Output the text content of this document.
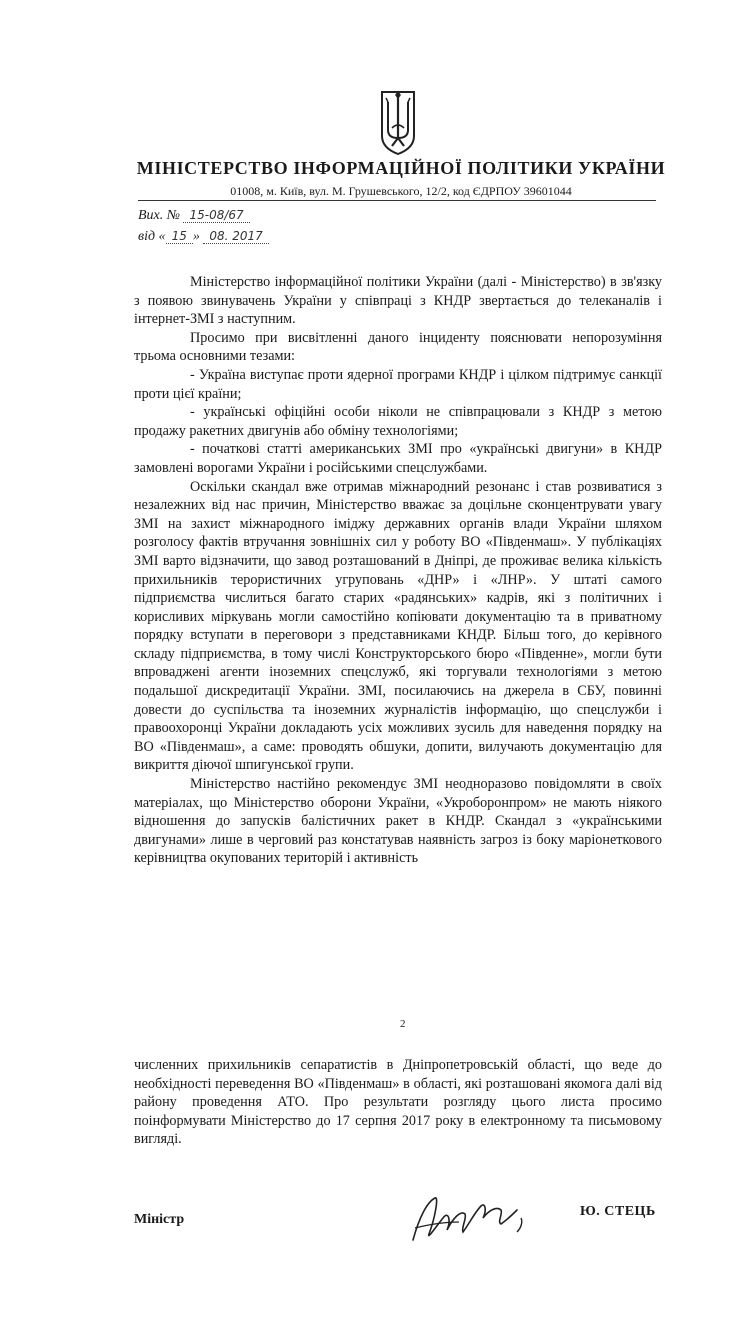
МІНІСТЕРСТВО ІНФОРМАЦІЙНОЇ ПОЛІТИКИ УКРАЇНИ
01008, м. Київ, вул. М. Грушевського, 12/2, код ЄДРПОУ 39601044
Вих. № 15-08/67
від « 15 » 08. 2017

Міністерство інформаційної політики України (далі - Міністерство) в зв'язку з появою звинувачень України у співпраці з КНДР звертається до телеканалів і інтернет-ЗМІ з наступним.

Просимо при висвітленні даного інциденту пояснювати непорозуміння трьома основними тезами:

- Україна виступає проти ядерної програми КНДР і цілком підтримує санкції проти цієї країни;

- українські офіційні особи ніколи не співпрацювали з КНДР з метою продажу ракетних двигунів або обміну технологіями;

- початкові статті американських ЗМІ про «українські двигуни» в КНДР замовлені ворогами України і російськими спецслужбами.

Оскільки скандал вже отримав міжнародний резонанс і став розвиватися з незалежних від нас причин, Міністерство вважає за доцільне сконцентрувати увагу ЗМІ на захист міжнародного іміджу державних органів влади України шляхом розголосу фактів втручання зовнішніх сил у роботу ВО «Південмаш». У публікаціях ЗМІ варто відзначити, що завод розташований в Дніпрі, де проживає велика кількість прихильників терористичних угруповань «ДНР» і «ЛНР». У штаті самого підприємства числиться багато старих «радянських» кадрів, які з політичних і корисливих міркувань могли самостійно копіювати документацію та в приватному порядку вступати в переговори з представниками КНДР. Більш того, до керівного складу підприємства, в тому числі Конструкторського бюро «Південне», могли бути впроваджені агенти іноземних спецслужб, які торгували технологіями з метою подальшої дискредитації України. ЗМІ, посилаючись на джерела в СБУ, повинні довести до суспільства та іноземних журналістів інформацію, що спецслужби і правоохоронці України докладають усіх можливих зусиль для наведення порядку на ВО «Південмаш», а саме: проводять обшуки, допити, вилучають документацію для викриття діючої шпигунської групи.

Міністерство настійно рекомендує ЗМІ неодноразово повідомляти в своїх матеріалах, що Міністерство оборони України, «Укроборонпром» не мають ніякого відношення до запусків балістичних ракет в КНДР. Скандал з «українськими двигунами» лише в черговий раз констатував наявність загроз із боку маріонеткового керівництва окупованих територій і активність

2

численних прихильників сепаратистів в Дніпропетровській області, що веде до необхідності переведення ВО «Південмаш» в області, які розташовані якомога далі від району проведення АТО. Про результати розгляду цього листа просимо поінформувати Міністерство до 17 серпня 2017 року в електронному та письмовому вигляді.

Міністр
Ю. СТЕЦЬ
